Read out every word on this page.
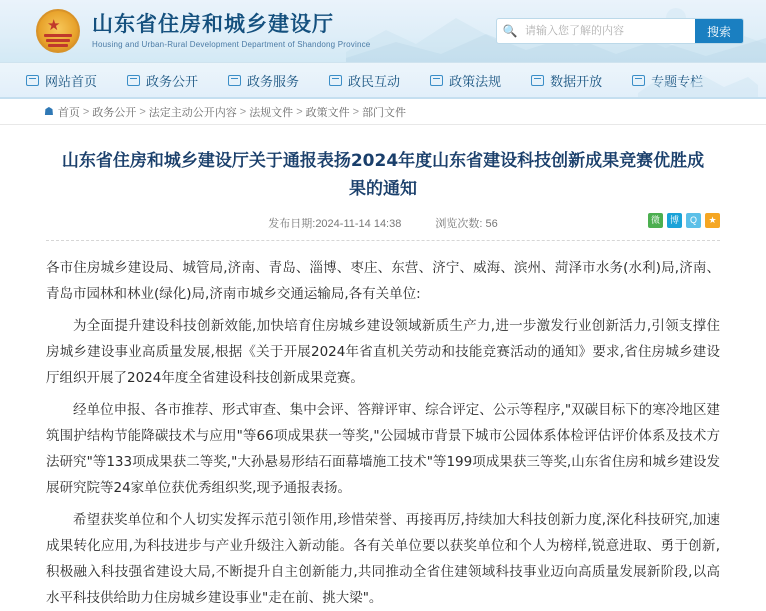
★ 山东省住房和城乡建设厅
Housing and Urban-Rural Development Department of Shandong Province
🔍
请输入您了解的内容	搜索
网站首页	政务公开	政务服务	政民互动	政策法规	数据开放	专题专栏
☗ 首页 > 政务公开 > 法定主动公开内容 > 法规文件 > 政策文件 > 部门文件
山东省住房和城乡建设厅关于通报表扬2024年度山东省建设科技创新成果竞赛优胜成果的通知
发布日期:2024-11-14 14:38	浏览次数: 56	微	博	Q	★

各市住房城乡建设局、城管局,济南、青岛、淄博、枣庄、东营、济宁、威海、滨州、菏泽市水务(水利)局,济南、青岛市园林和林业(绿化)局,济南市城乡交通运输局,各有关单位:

为全面提升建设科技创新效能,加快培育住房城乡建设领域新质生产力,进一步激发行业创新活力,引领支撑住房城乡建设事业高质量发展,根据《关于开展2024年省直机关劳动和技能竞赛活动的通知》要求,省住房城乡建设厅组织开展了2024年度全省建设科技创新成果竞赛。

经单位申报、各市推荐、形式审查、集中会评、答辩评审、综合评定、公示等程序,"双碳目标下的寒冷地区建筑围护结构节能降碳技术与应用"等66项成果获一等奖,"公园城市背景下城市公园体系体检评估评价体系及技术方法研究"等133项成果获二等奖,"大孙悬易形结石面幕墙施工技术"等199项成果获三等奖,山东省住房和城乡建设发展研究院等24家单位获优秀组织奖,现予通报表扬。

希望获奖单位和个人切实发挥示范引领作用,珍惜荣誉、再接再厉,持续加大科技创新力度,深化科技研究,加速成果转化应用,为科技进步与产业升级注入新动能。各有关单位要以获奖单位和个人为榜样,锐意进取、勇于创新,积极融入科技强省建设大局,不断提升自主创新能力,共同推动全省住建领域科技事业迈向高质量发展新阶段,以高水平科技供给助力住房城乡建设事业"走在前、挑大梁"。
